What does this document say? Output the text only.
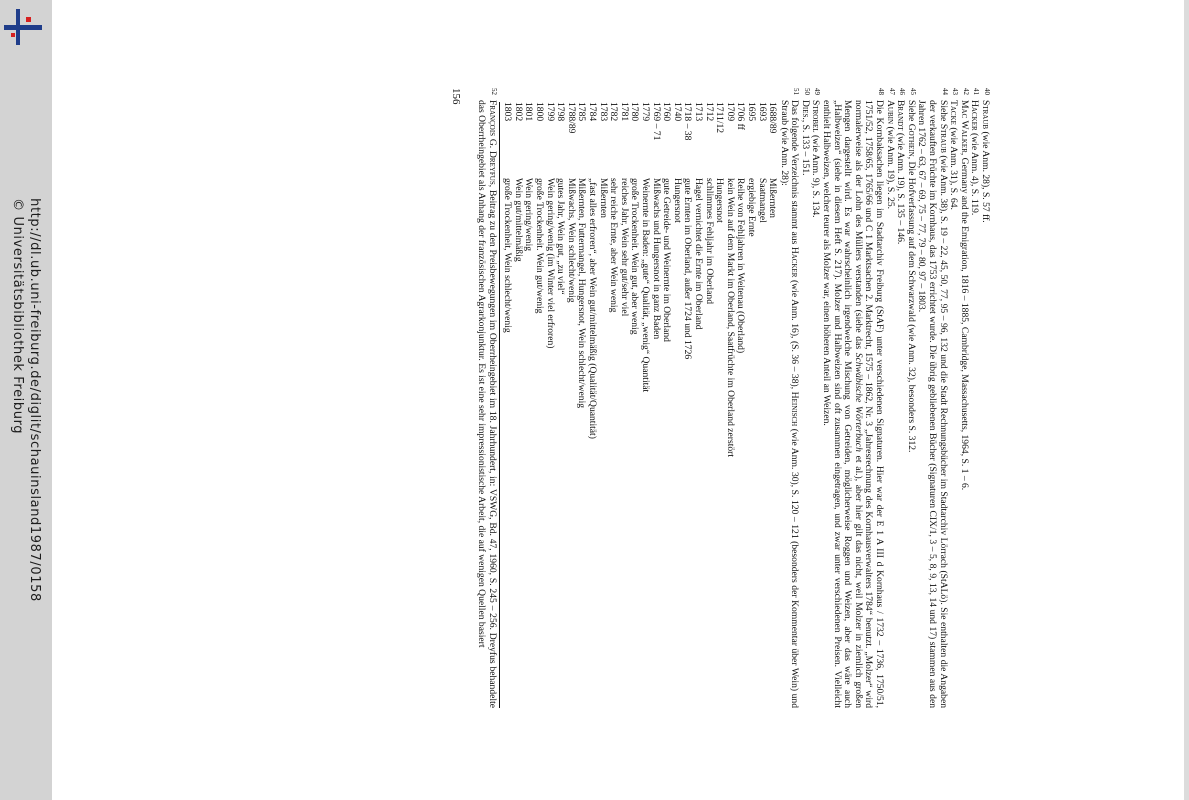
http://dl.ub.uni-freiburg.de/diglit/schauinsland1987/0158
© Universitätsbibliothek Freiburg
40
Straub (wie Anm. 28), S. 57 ff.
41
Hacker (wie Anm. 4), S. 119.
42
Mac Walker, Germany and the Emigration, 1816 – 1885, Cambridge, Massachusetts, 1964, S. 1 – 6.
43
Tacke (wie Anm. 31), S. 64.
44
Siehe Straub (wie Anm. 38), S. 19 – 22, 45, 50, 77, 95 – 96, 132 und die Stadt Rechnungsbücher im Stadtarchiv Lörrach (StALö). Sie enthalten die Angaben der verkauften Früchte im Kornhaus, das 1753 errichtet wurde. Die übrig gebliebenen Bücher (Signaturen CIX/1, 3 – 5, 8, 9, 13, 14 und 17) stammen aus den Jahren 1762 – 63, 67 – 69, 75 – 77, 79 – 80, 97 – 1803.
45
Siehe Gothein, Die Hofverfassung auf dem Schwarzwald (wie Anm. 32), besonders S. 312.
46
Brandt (wie Anm. 19), S. 135 – 146.
47
Aubin (wie Anm. 19), S. 25.
48
Die Kornbaksachen liegen im Stadtarchiv Freiburg (StAF) unter verschiedenen Signaturen. Hier war der E 1 A III d Kornhaus / 1732 – 1736, 1750/51, 1751/52, 1758/65, 1765/66 und C 1 Marktsachen 2. Marktrecht, 1575 – 1862, Nr. 3 „Jahresrechnung des Kornhausverwalters 1784“ benutzt. „Molzer“ wird normalerweise als der Lohn des Müllers verstanden (siehe das Schwäbische Wörterbuch et al.), aber hier gilt das nicht, weil Molzer in ziemlich großen Mengen dargestellt wird. Es war wahrscheinlich irgendwelche Mischung von Getreiden, möglicherweise Roggen und Weizen, aber das wäre auch „Halbweizen“ (siehe in diesem Heft S. 217). Molzer und Halbweizen sind oft zusammen eingetragen, und zwar unter verschiedenen Preisen. Vielleicht enthielt Halbweizen, welcher teurer als Molzer war, einen höheren Anteil an Weizen.
49
Strobel (wie Anm. 9), S. 134.
50
Dies., S. 133 – 151.
51
Das folgende Verzeichnis stammt aus Hacker (wie Anm. 16), (S. 36 – 38), Heinisch (wie Anm. 30), S. 120 – 121 (besonders der Kommentar über Wein) und Straub (wie Anm. 28):
1688/89	Mißernten
1693	Saatmangel
1695	ergiebige Ernte
1706 ff	Reihe von Fehljahren in Weitenau (Oberland)
1709	kein Wein auf dem Markt im Oberland, Saatfrüchte im Oberland zerstört
1711/12	Hungersnot
1712	schlimmes Fehljahr im Oberland
1713	Hagel vernichtet die Ernte im Oberland
1718 – 38	gute Ernten im Oberland, außer 1724 und 1726
1740	Hungersnot
1760	gute Getreide- und Weinernte im Oberland
1769 – 71	Mißwachs und Hungersnot in ganz Baden
1779	Weinernte in Baden: „gute“ Qualität, „wenig“ Quantität
1780	große Trockenheit. Wein gut, aber wenig
1781	reiches Jahr, Wein sehr gut/sehr viel
1782	sehr reiche Ernte, aber Wein wenig
1783	Mißernten
1784	„fast alles erfroren“, aber Wein gut/mittelmäßig (Qualität/Quantität)
1785	Mißernten, Futtermangel, Hungersnot, Wein schlecht/wenig
1788/89	Mißwachs, Wein schlecht/wenig
1798	gutes Jahr, Wein gut, „zu viel“
1799	Wein gering/wenig (im Winter viel erfroren)
1800	große Trockenheit. Wein gut/wenig
1801	Wein gering/wenig
1802	Wein gut/mittelmäßig
1803	große Trockenheit, Wein schlecht/wenig
52
François G. Dreyfus, Beitrag zu den Preisbewegungen im Oberrheingebiet im 18. Jahrhundert, in: VSWG, Bd. 47, 1960, S. 245 – 256. Dreyfus behandelte das Oberrheingebiet als Anhang der französischen Agrarkonjunktur. Es ist eine sehr impressionistische Arbeit, die auf wenigen Quellen basiert
156
